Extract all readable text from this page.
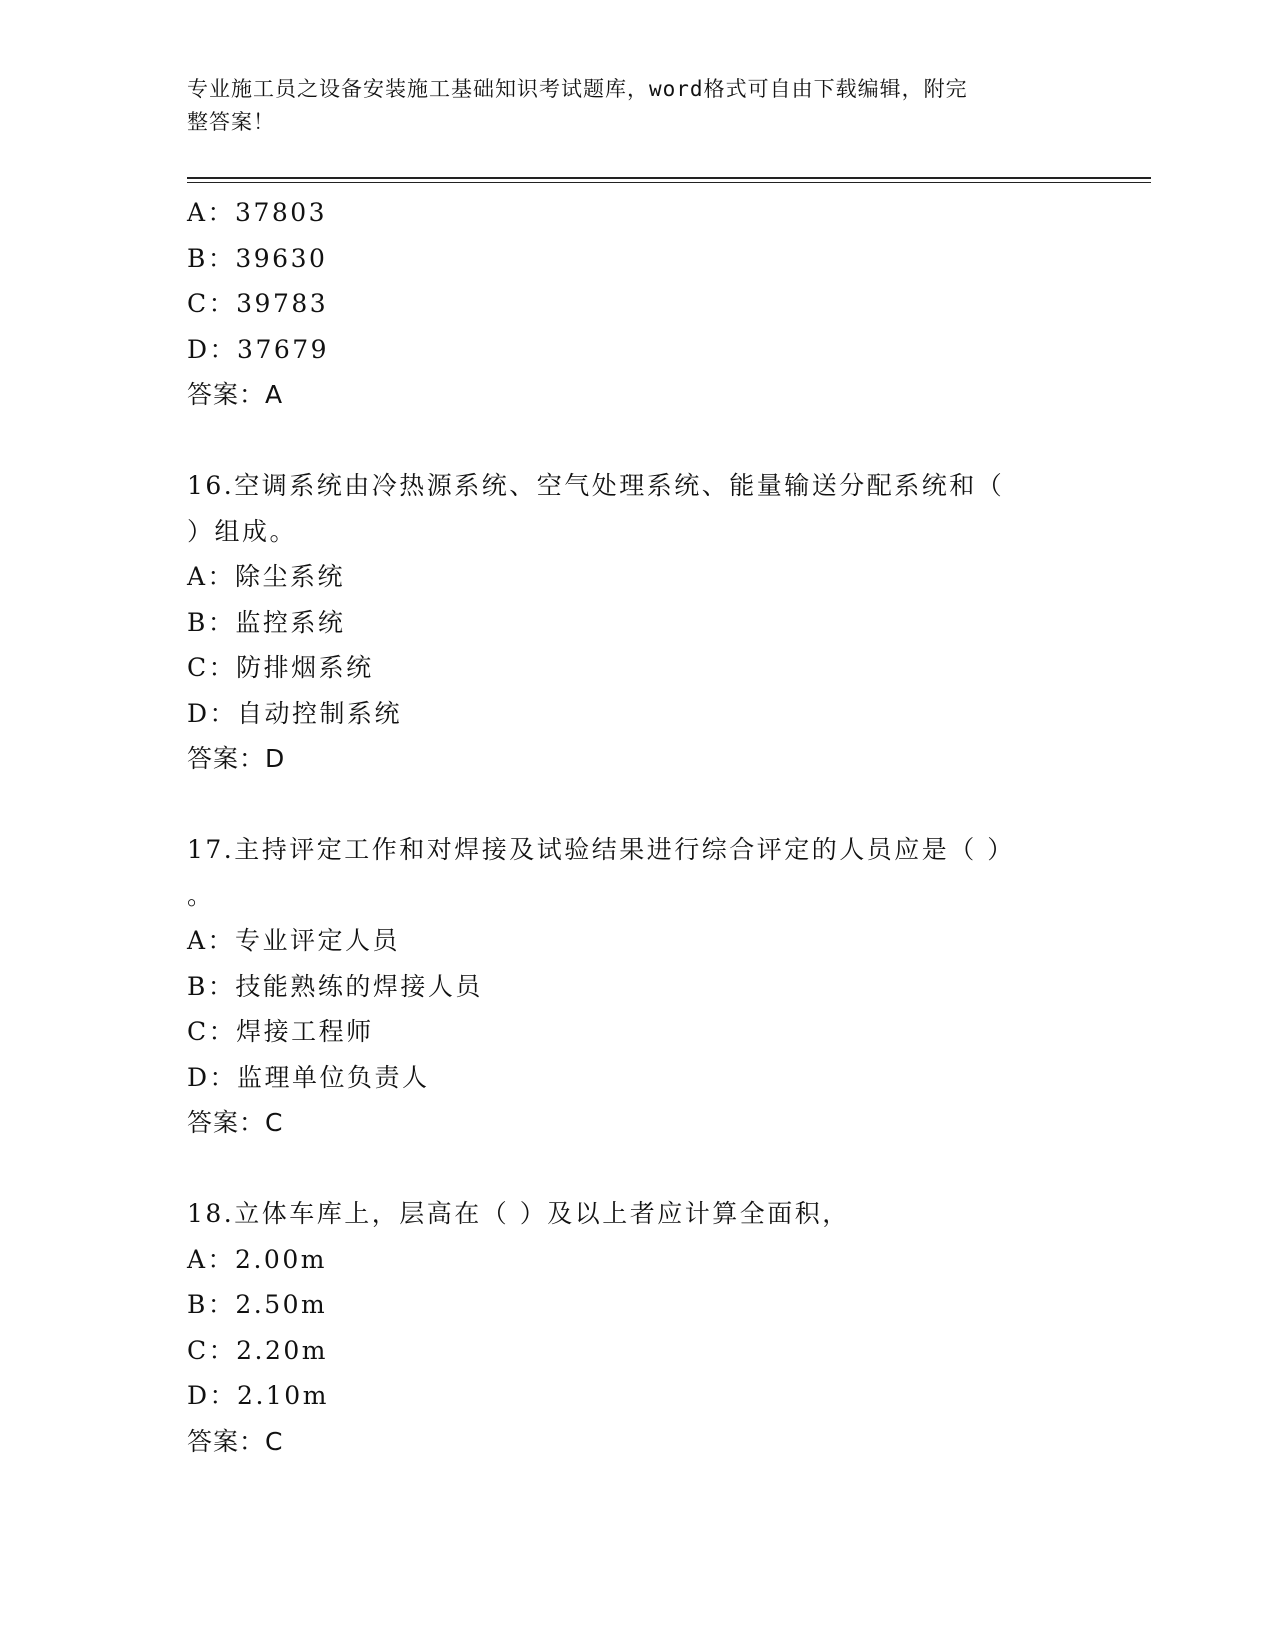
专业施工员之设备安装施工基础知识考试题库，word格式可自由下载编辑，附完
整答案！
A：37803
B：39630
C：39783
D：37679
答案：A
16.空调系统由冷热源系统、空气处理系统、能量输送分配系统和（
）组成。
A：除尘系统
B：监控系统
C：防排烟系统
D：自动控制系统
答案：D
17.主持评定工作和对焊接及试验结果进行综合评定的人员应是（ ）
。
A：专业评定人员
B：技能熟练的焊接人员
C：焊接工程师
D：监理单位负责人
答案：C
18.立体车库上，层高在（ ）及以上者应计算全面积，
A：2.00m
B：2.50m
C：2.20m
D：2.10m
答案：C
